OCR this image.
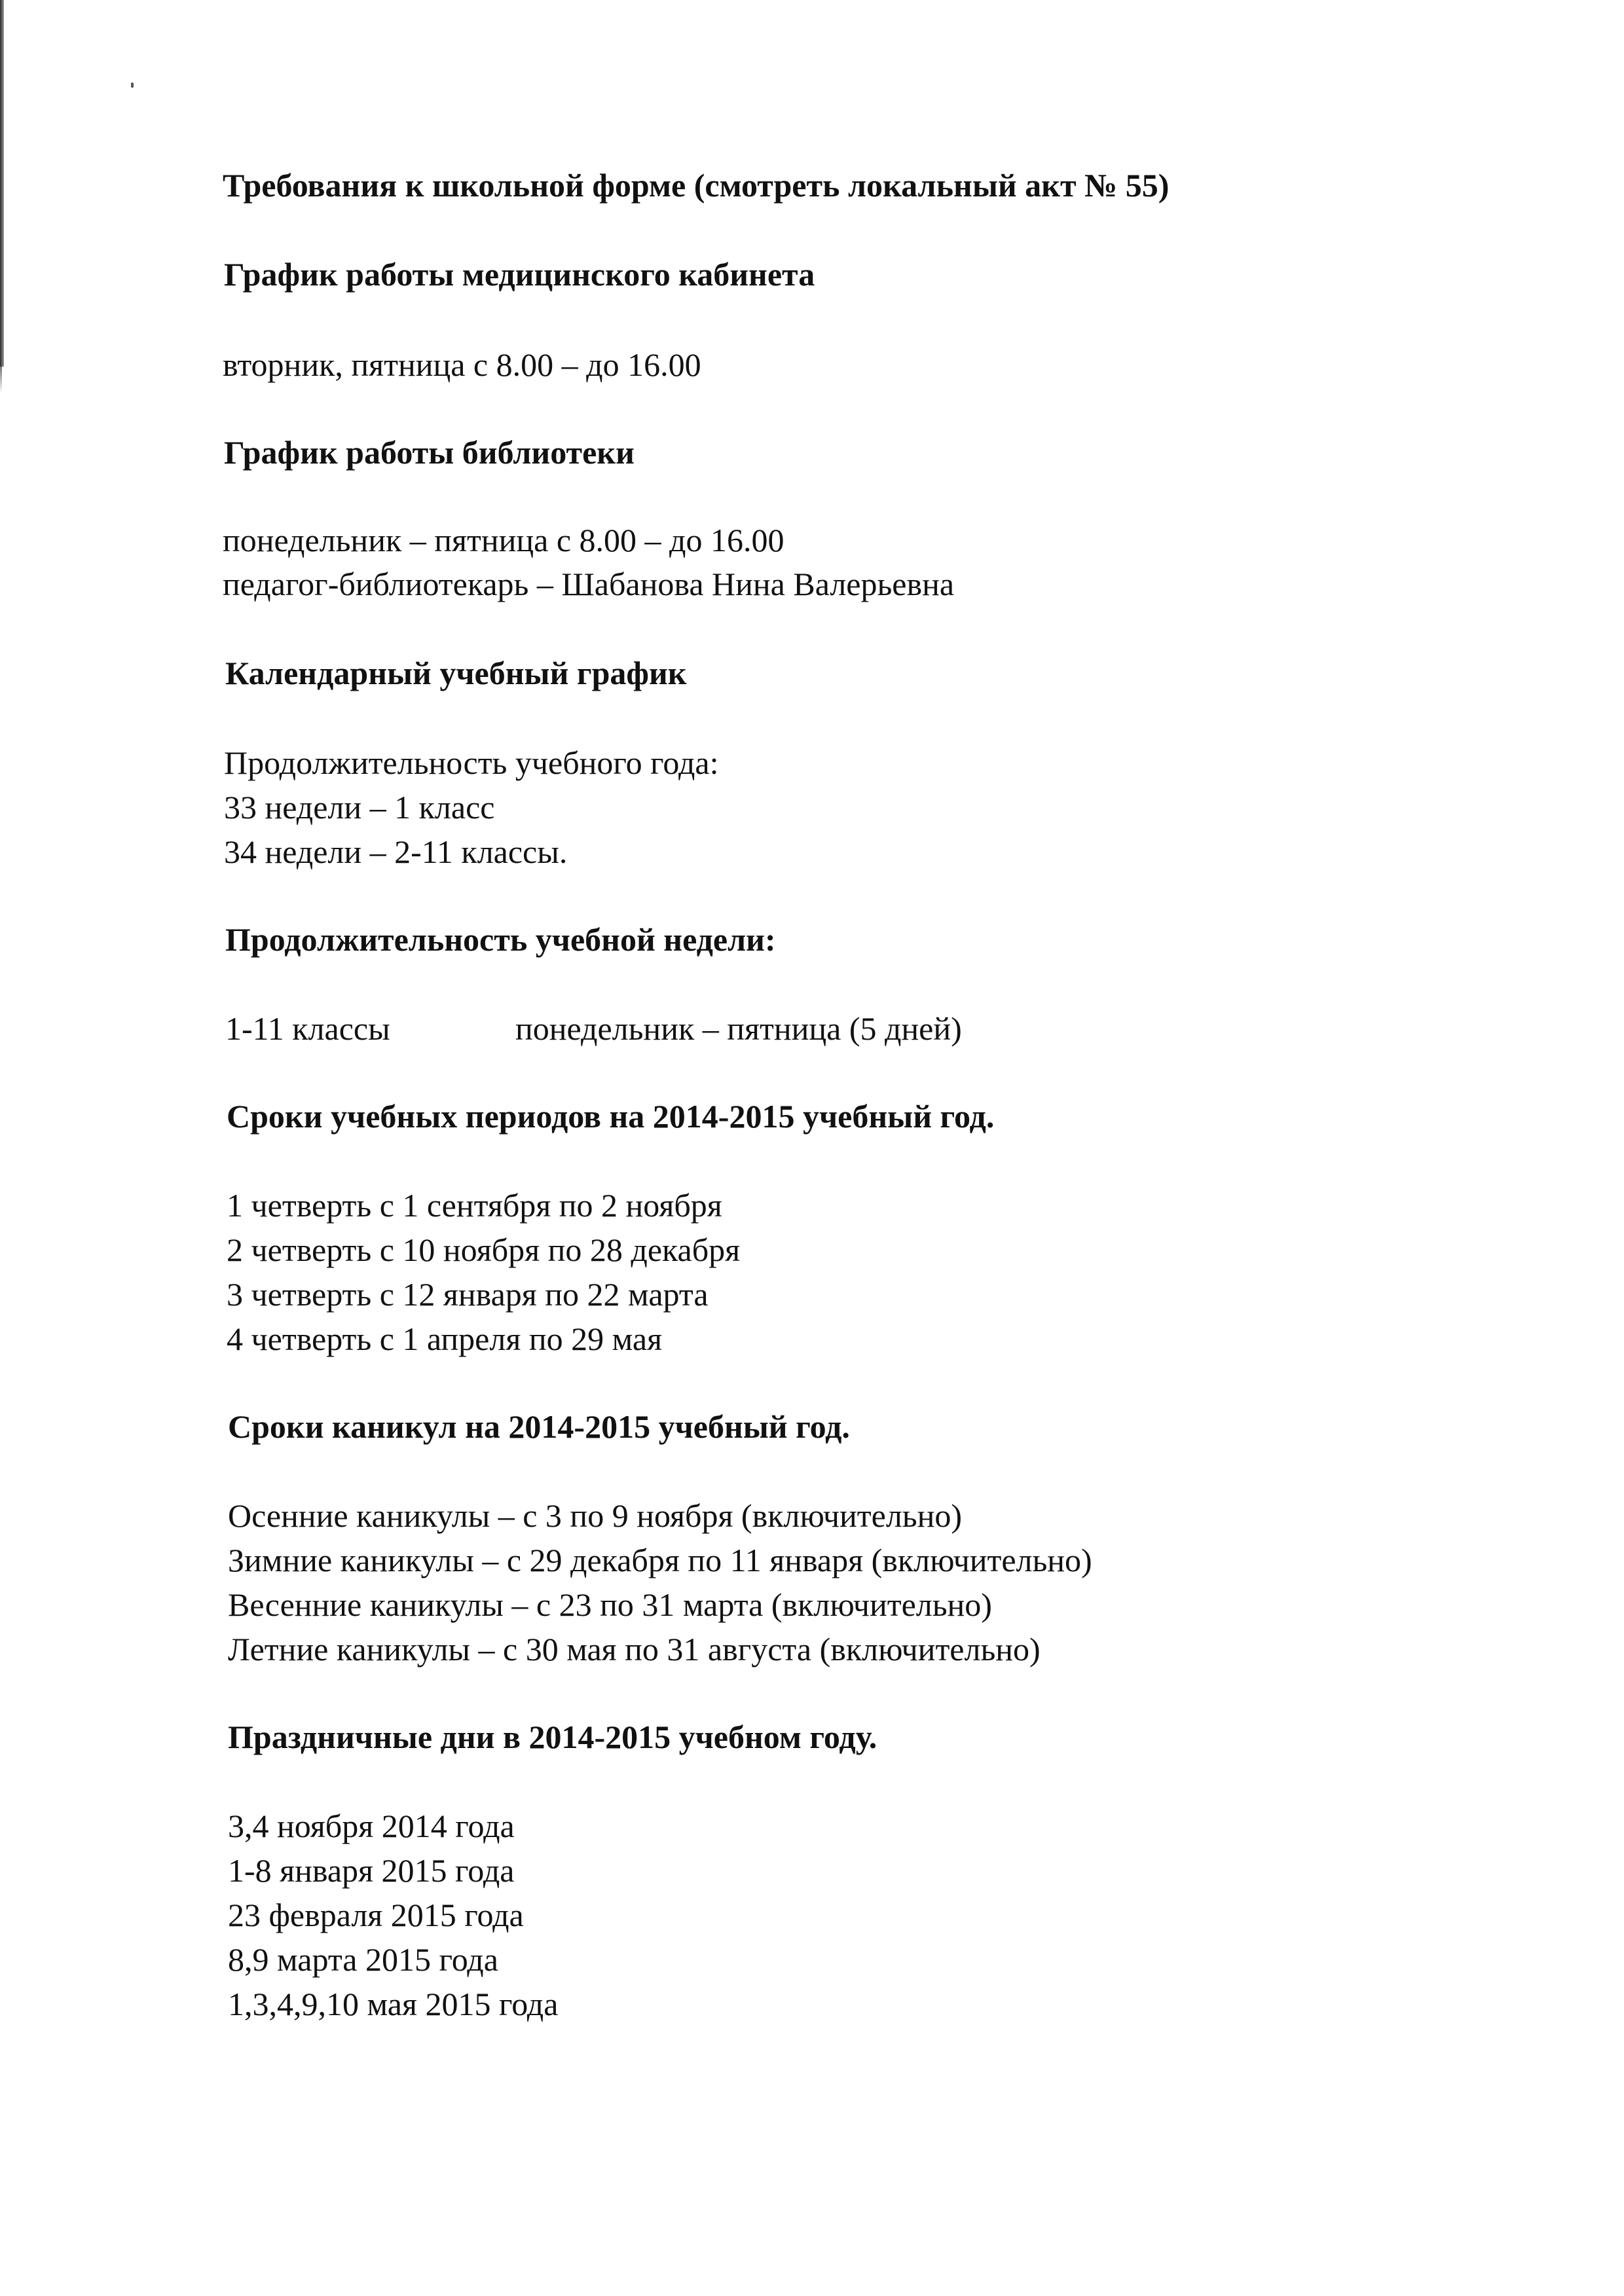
Требования к школьной форме (смотреть локальный акт № 55)
График работы медицинского кабинета
вторник, пятница с 8.00 – до 16.00
График работы библиотеки
понедельник – пятница с 8.00 – до 16.00
педагог-библиотекарь – Шабанова Нина Валерьевна
Календарный учебный график
Продолжительность учебного года:
33 недели – 1 класс
34 недели – 2-11 классы.
Продолжительность учебной недели:
1-11 классы	понедельник – пятница (5 дней)
Сроки учебных периодов на 2014-2015 учебный год.
1 четверть с 1 сентября по 2 ноября
2 четверть с 10 ноября по 28 декабря
3 четверть с 12 января по 22 марта
4 четверть с 1 апреля по 29 мая
Сроки каникул на 2014-2015 учебный год.
Осенние каникулы – с 3 по 9 ноября (включительно)
Зимние каникулы – с 29 декабря по 11 января (включительно)
Весенние каникулы – с 23 по 31 марта (включительно)
Летние каникулы – с 30 мая по 31 августа (включительно)
Праздничные дни в 2014-2015 учебном году.
3,4 ноября 2014 года
1-8 января 2015 года
23 февраля 2015 года
8,9 марта 2015 года
1,3,4,9,10 мая 2015 года
